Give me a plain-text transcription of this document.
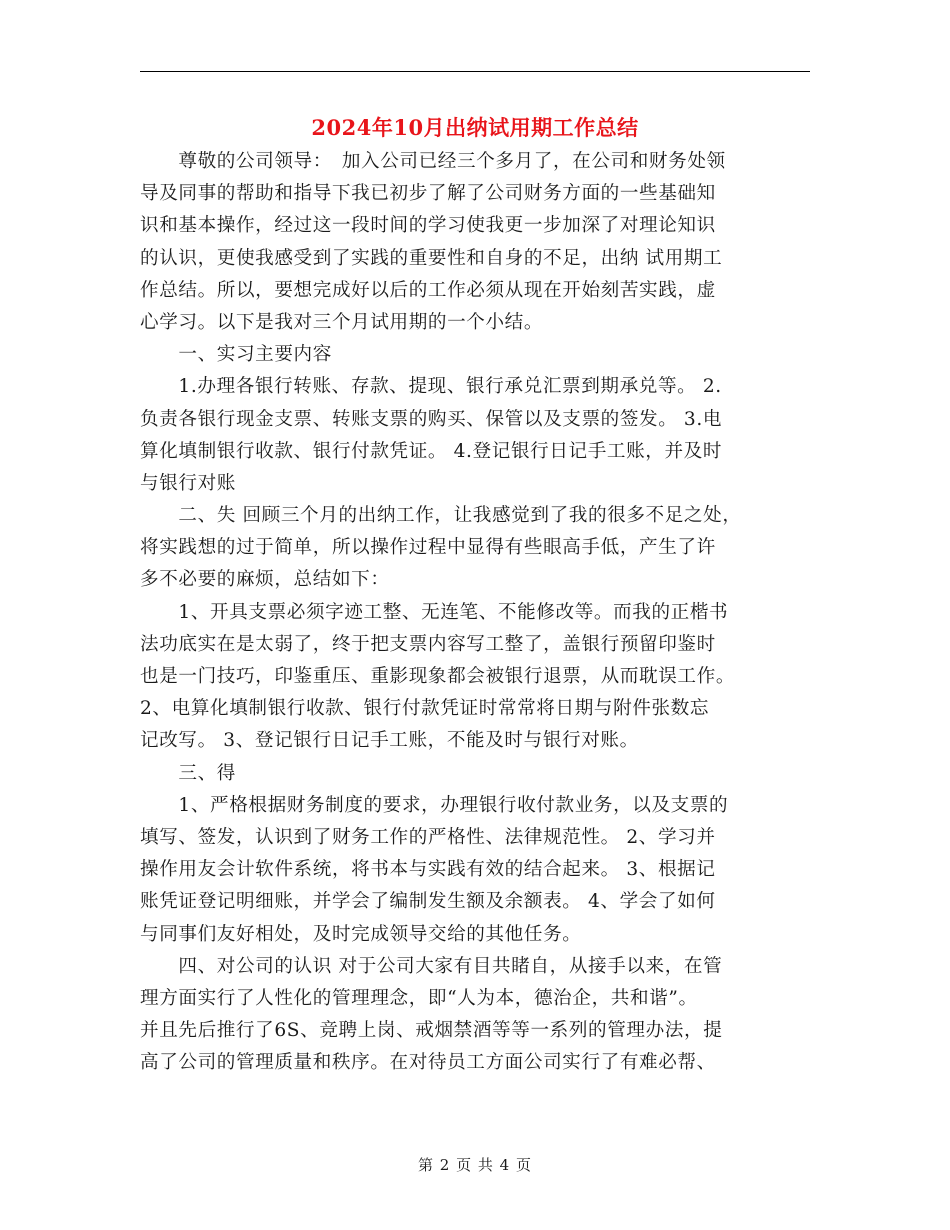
2024年10月出纳试用期工作总结
　　尊敬的公司领导：　加入公司已经三个多月了，在公司和财务处领
导及同事的帮助和指导下我已初步了解了公司财务方面的一些基础知
识和基本操作，经过这一段时间的学习使我更一步加深了对理论知识
的认识，更使我感受到了实践的重要性和自身的不足，出纳 试用期工
作总结。所以，要想完成好以后的工作必须从现在开始刻苦实践，虚
心学习。以下是我对三个月试用期的一个小结。
　　一、实习主要内容
　　1.办理各银行转账、存款、提现、银行承兑汇票到期承兑等。 2.
负责各银行现金支票、转账支票的购买、保管以及支票的签发。 3.电
算化填制银行收款、银行付款凭证。 4.登记银行日记手工账，并及时
与银行对账
　　二、失 回顾三个月的出纳工作，让我感觉到了我的很多不足之处，
将实践想的过于简单，所以操作过程中显得有些眼高手低，产生了许
多不必要的麻烦，总结如下：
　　1、开具支票必须字迹工整、无连笔、不能修改等。而我的正楷书
法功底实在是太弱了，终于把支票内容写工整了，盖银行预留印鉴时
也是一门技巧，印鉴重压、重影现象都会被银行退票，从而耽误工作。
2、电算化填制银行收款、银行付款凭证时常常将日期与附件张数忘
记改写。 3、登记银行日记手工账，不能及时与银行对账。
　　三、得
　　1、严格根据财务制度的要求，办理银行收付款业务，以及支票的
填写、签发，认识到了财务工作的严格性、法律规范性。 2、学习并
操作用友会计软件系统，将书本与实践有效的结合起来。 3、根据记
账凭证登记明细账，并学会了编制发生额及余额表。 4、学会了如何
与同事们友好相处，及时完成领导交给的其他任务。
　　四、对公司的认识 对于公司大家有目共睹自，从接手以来，在管
理方面实行了人性化的管理理念，即“人为本，德治企，共和谐”。
并且先后推行了6S、竞聘上岗、戒烟禁酒等等一系列的管理办法，提
高了公司的管理质量和秩序。在对待员工方面公司实行了有难必帮、
第 2 页 共 4 页
